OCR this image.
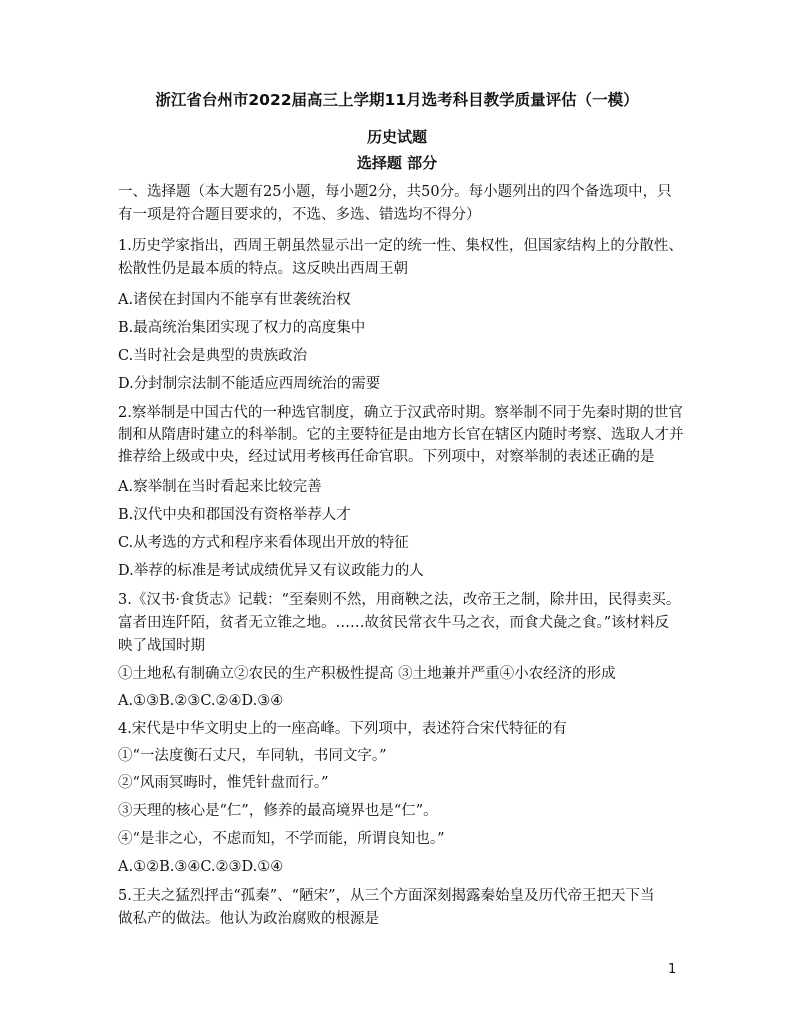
浙江省台州市2022届高三上学期11月选考科目教学质量评估（一模）
历史试题
选择题 部分
一、选择题（本大题有25小题，每小题2分，共50分。每小题列出的四个备选项中，只
有一项是符合题目要求的，不选、多选、错选均不得分）
1.历史学家指出，西周王朝虽然显示出一定的统一性、集权性，但国家结构上的分散性、
松散性仍是最本质的特点。这反映出西周王朝
A.诸侯在封国内不能享有世袭统治权
B.最高统治集团实现了权力的高度集中
C.当时社会是典型的贵族政治
D.分封制宗法制不能适应西周统治的需要
2.察举制是中国古代的一种选官制度，确立于汉武帝时期。察举制不同于先秦时期的世官
制和从隋唐时建立的科举制。它的主要特征是由地方长官在辖区内随时考察、选取人才并
推荐给上级或中央，经过试用考核再任命官职。下列项中，对察举制的表述正确的是
A.察举制在当时看起来比较完善
B.汉代中央和郡国没有资格举荐人才
C.从考选的方式和程序来看体现出开放的特征
D.举荐的标准是考试成绩优异又有议政能力的人
3.《汉书·食货志》记载：“至秦则不然，用商鞅之法，改帝王之制，除井田，民得卖买。
富者田连阡陌，贫者无立锥之地。……故贫民常衣牛马之衣，而食犬彘之食。”该材料反
映了战国时期
①土地私有制确立②农民的生产积极性提高 ③土地兼并严重④小农经济的形成
A.①③B.②③C.②④D.③④
4.宋代是中华文明史上的一座高峰。下列项中，表述符合宋代特征的有
①“一法度衡石丈尺，车同轨，书同文字。”
②“风雨冥晦时，惟凭针盘而行。”
③天理的核心是“仁”，修养的最高境界也是“仁”。
④“是非之心，不虑而知，不学而能，所谓良知也。”
A.①②B.③④C.②③D.①④
5.王夫之猛烈抨击“孤秦”、“陋宋”，从三个方面深刻揭露秦始皇及历代帝王把天下当
做私产的做法。他认为政治腐败的根源是
1
